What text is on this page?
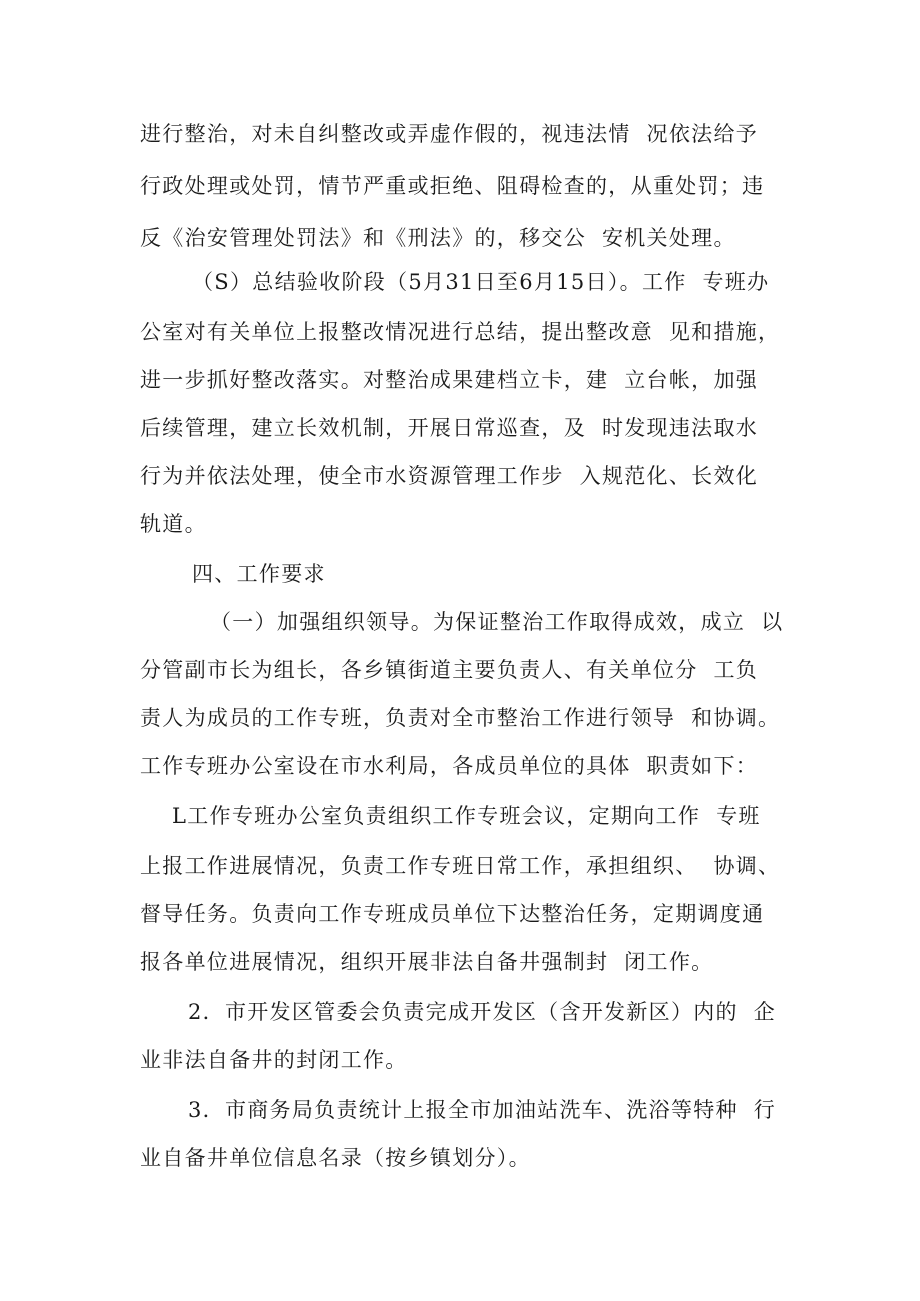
进行整治，对未自纠整改或弄虚作假的，视违法情  况依法给予

行政处理或处罚，情节严重或拒绝、阻碍检查的，从重处罚；违

反《治安管理处罚法》和《刑法》的，移交公  安机关处理。

（S）总结验收阶段（5月31日至6月15日）。工作  专班办

公室对有关单位上报整改情况进行总结，提出整改意  见和措施，

进一步抓好整改落实。对整治成果建档立卡，建  立台帐，加强

后续管理，建立长效机制，开展日常巡查，及  时发现违法取水

行为并依法处理，使全市水资源管理工作步  入规范化、长效化

轨道。

四、工作要求

（一）加强组织领导。为保证整治工作取得成效，成立  以

分管副市长为组长，各乡镇街道主要负责人、有关单位分  工负

责人为成员的工作专班，负责对全市整治工作进行领导  和协调。

工作专班办公室设在市水利局，各成员单位的具体  职责如下：

L工作专班办公室负责组织工作专班会议，定期向工作  专班

上报工作进展情况，负责工作专班日常工作，承担组织、  协调、

督导任务。负责向工作专班成员单位下达整治任务，定期调度通

报各单位进展情况，组织开展非法自备井强制封  闭工作。

2．市开发区管委会负责完成开发区（含开发新区）内的  企

业非法自备井的封闭工作。

3．市商务局负责统计上报全市加油站洗车、洗浴等特种  行

业自备井单位信息名录（按乡镇划分）。
